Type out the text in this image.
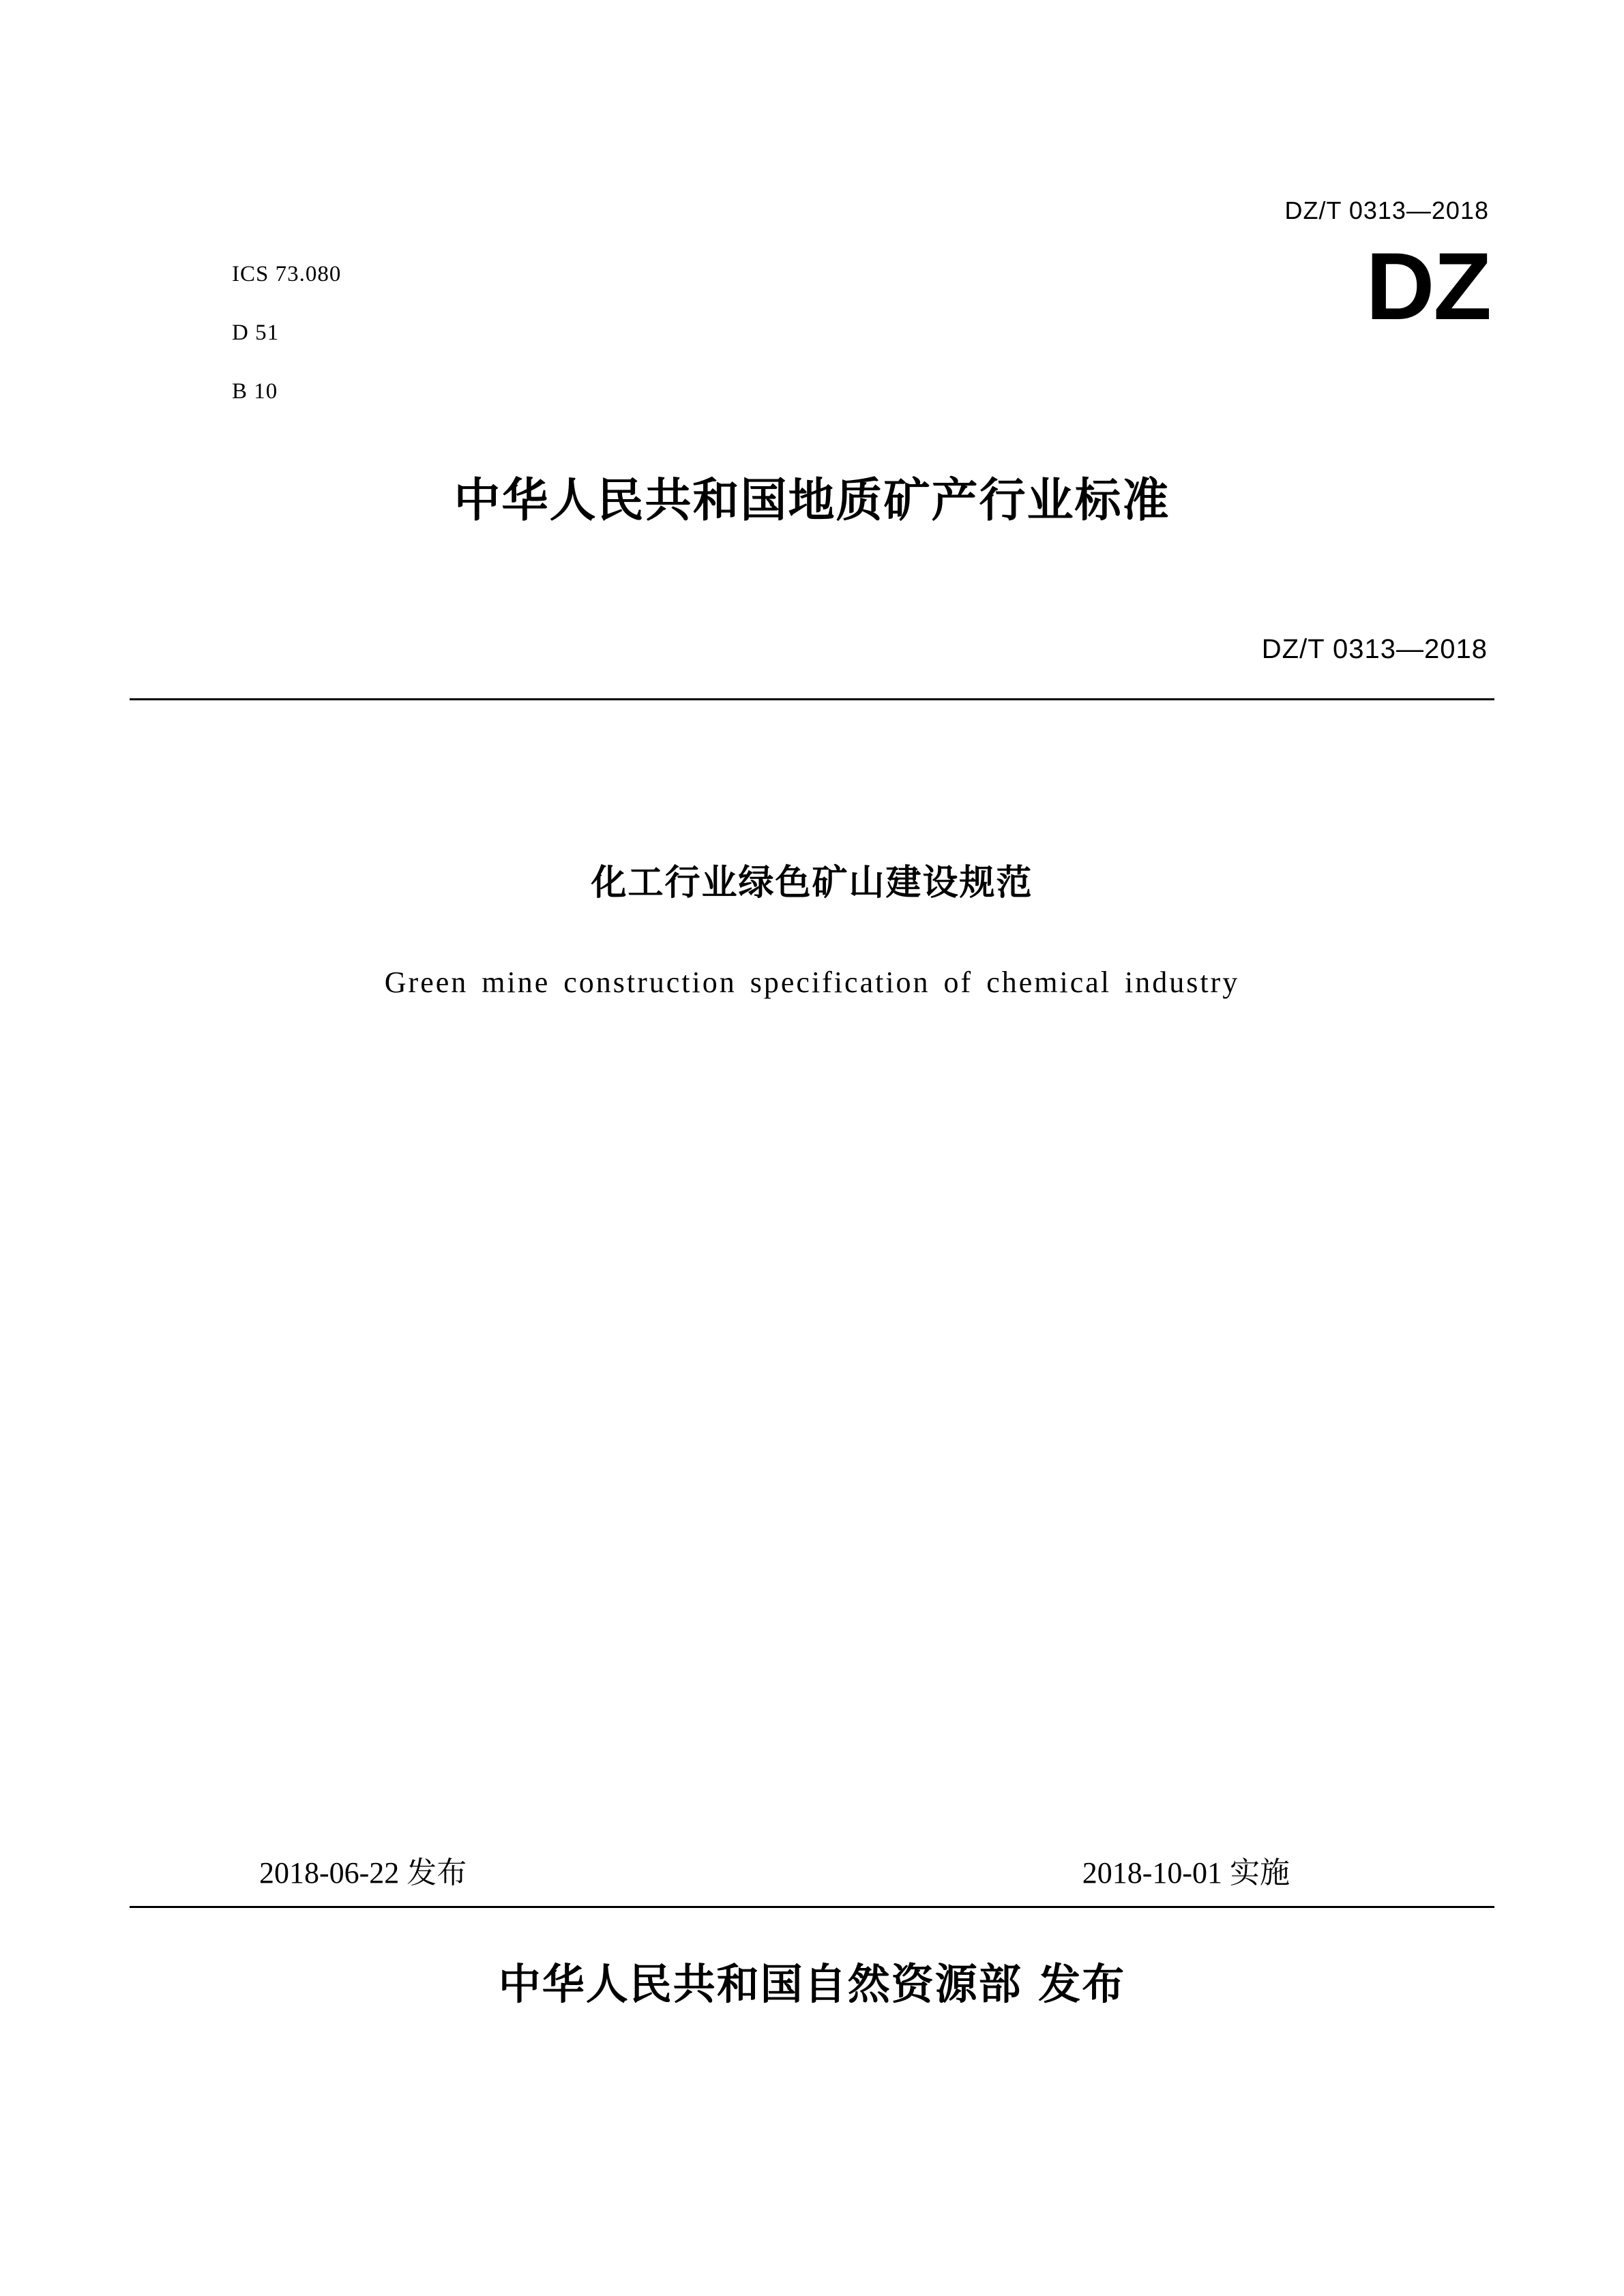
DZ/T 0313—2018
DZ
ICS 73.080
D 51
B 10
中华人民共和国地质矿产行业标准
DZ/T 0313—2018
化工行业绿色矿山建设规范
Green mine construction specification of chemical industry
2018-06-22 发布	2018-10-01 实施
中华人民共和国自然资源部 发布
